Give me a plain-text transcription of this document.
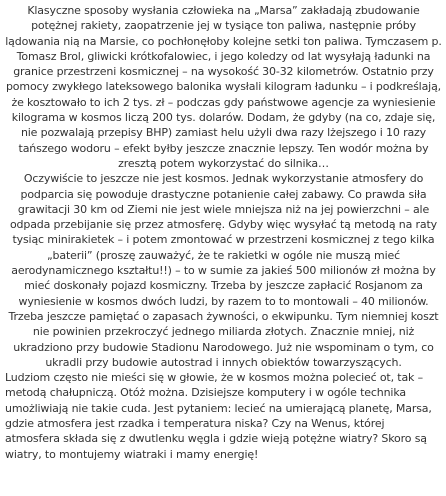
Klasyczne sposoby wysłania człowieka na „Marsa” zakładają zbudowanie potężnej rakiety, zaopatrzenie jej w tysiące ton paliwa, następnie próby lądowania nią na Marsie, co pochłonęłoby kolejne setki ton paliwa. Tymczasem p. Tomasz Brol, gliwicki krótkofalowiec, i jego koledzy od lat wysyłają ładunki na granice przestrzeni kosmicznej – na wysokość 30-32 kilometrów. Ostatnio przy pomocy zwykłego lateksowego balonika wysłali kilogram ładunku – i podkreślają, że kosztowało to ich 2 tys. zł – podczas gdy państwowe agencje za wyniesienie kilograma w kosmos liczą 200 tys. dolarów. Dodam, że gdyby (na co, zdaje się, nie pozwalają przepisy BHP) zamiast helu użyli dwa razy lżejszego i 10 razy tańszego wodoru – efekt byłby jeszcze znacznie lepszy. Ten wodór można by zresztą potem wykorzystać do silnika…

Oczywiście to jeszcze nie jest kosmos. Jednak wykorzystanie atmosfery do podparcia się powoduje drastyczne potanienie całej zabawy. Co prawda siła grawitacji 30 km od Ziemi nie jest wiele mniejsza niż na jej powierzchni – ale odpada przebijanie się przez atmosferę. Gdyby więc wysyłać tą metodą na raty tysiąc minirakietek – i potem zmontować w przestrzeni kosmicznej z tego kilka „baterii” (proszę zauważyć, że te rakietki w ogóle nie muszą mieć aerodynamicznego kształtu!!) – to w sumie za jakieś 500 milionów zł można by mieć doskonały pojazd kosmiczny. Trzeba by jeszcze zapłacić Rosjanom za wyniesienie w kosmos dwóch ludzi, by razem to to montowali – 40 milionów. Trzeba jeszcze pamiętać o zapasach żywności, o ekwipunku. Tym niemniej koszt nie powinien przekroczyć jednego miliarda złotych. Znacznie mniej, niż ukradziono przy budowie Stadionu Narodowego. Już nie wspominam o tym, co ukradli przy budowie autostrad i innych obiektów towarzyszących.

Ludziom często nie mieści się w głowie, że w kosmos można polecieć ot, tak – metodą chałupniczą. Otóż można. Dzisiejsze komputery i w ogóle technika umożliwiają nie takie cuda. Jest pytaniem: lecieć na umierającą planetę, Marsa, gdzie atmosfera jest rzadka i temperatura niska? Czy na Wenus, której atmosfera składa się z dwutlenku węgla i gdzie wieją potężne wiatry? Skoro są wiatry, to montujemy wiatraki i mamy energię!
